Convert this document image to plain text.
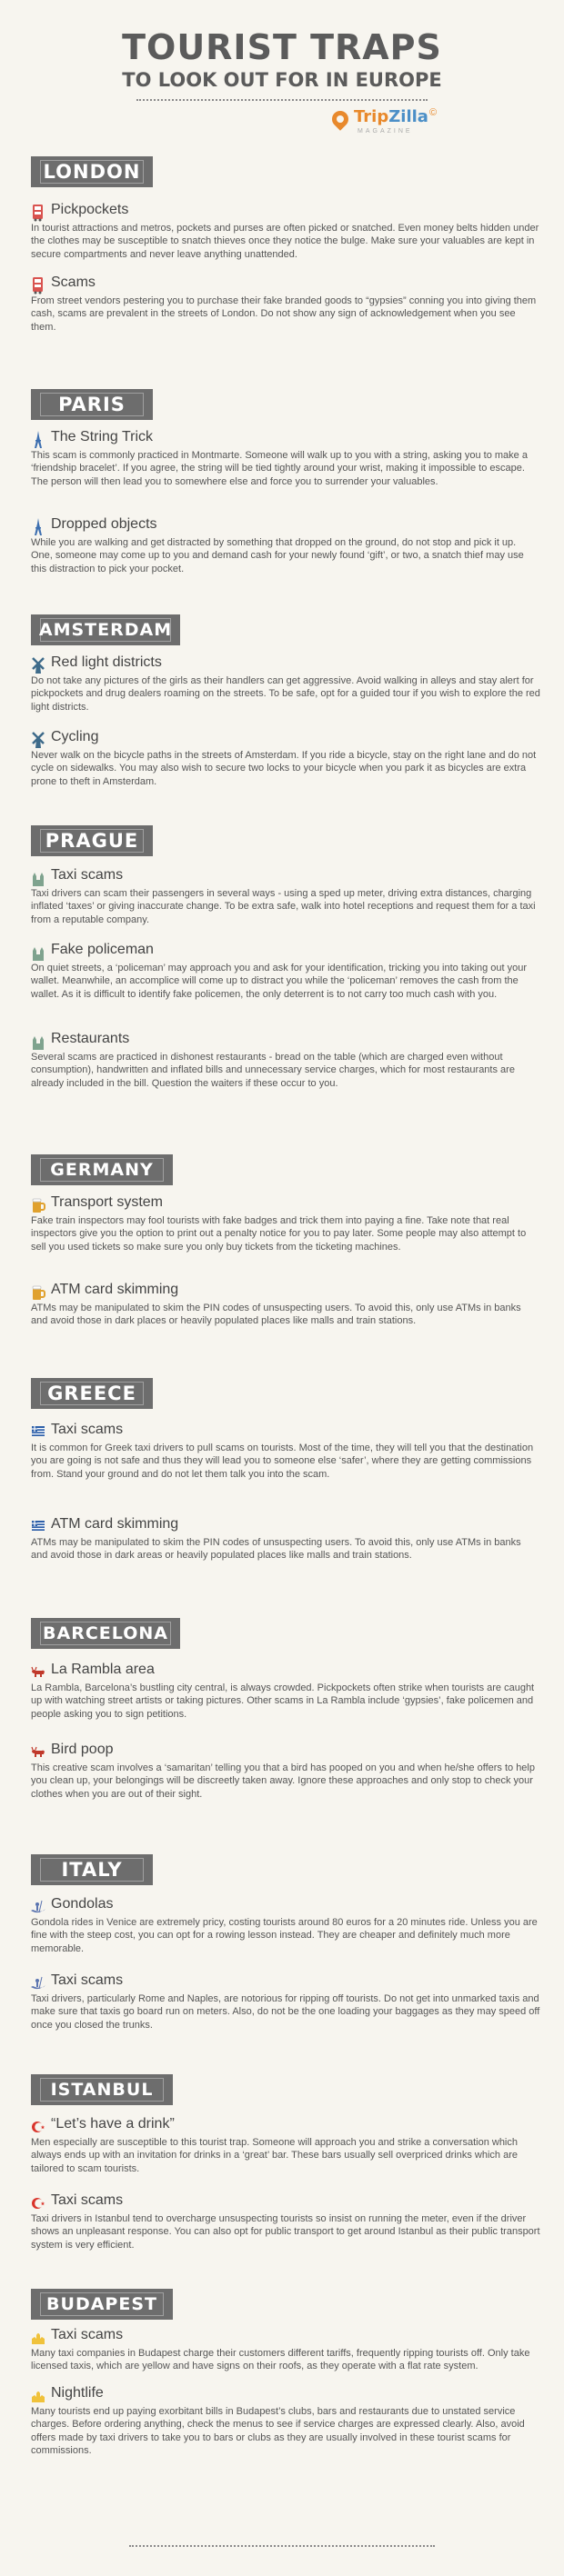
TOURIST TRAPS
TO LOOK OUT FOR IN EUROPE
TripZilla ©
MAGAZINE
LONDON
Pickpockets
In tourist attractions and metros, pockets and purses are often picked or snatched. Even money belts hidden under the clothes may be susceptible to snatch thieves once they notice the bulge. Make sure your valuables are kept in secure compartments and never leave anything unattended.
Scams
From street vendors pestering you to purchase their fake branded goods to “gypsies” conning you into giving them cash, scams are prevalent in the streets of London. Do not show any sign of acknowledgement when you see them.
PARIS
The String Trick
This scam is commonly practiced in Montmarte. Someone will walk up to you with a string, asking you to make a ‘friendship bracelet’. If you agree, the string will be tied tightly around your wrist, making it impossible to escape. The person will then lead you to somewhere else and force you to surrender your valuables.
Dropped objects
While you are walking and get distracted by something that dropped on the ground, do not stop and pick it up. One, someone may come up to you and demand cash for your newly found ‘gift’, or two, a snatch thief may use this distraction to pick your pocket.
AMSTERDAM
Red light districts
Do not take any pictures of the girls as their handlers can get aggressive. Avoid walking in alleys and stay alert for pickpockets and drug dealers roaming on the streets. To be safe, opt for a guided tour if you wish to explore the red light districts.
Cycling
Never walk on the bicycle paths in the streets of Amsterdam. If you ride a bicycle, stay on the right lane and do not cycle on sidewalks. You may also wish to secure two locks to your bicycle when you park it as bicycles are extra prone to theft in Amsterdam.
PRAGUE
Taxi scams
Taxi drivers can scam their passengers in several ways - using a sped up meter, driving extra distances, charging inflated ‘taxes’ or giving inaccurate change. To be extra safe, walk into hotel receptions and request them for a taxi from a reputable company.
Fake policeman
On quiet streets, a ‘policeman’ may approach you and ask for your identification, tricking you into taking out your wallet. Meanwhile, an accomplice will come up to distract you while the ‘policeman’ removes the cash from the wallet. As it is difficult to identify fake policemen, the only deterrent is to not carry too much cash with you.
Restaurants
Several scams are practiced in dishonest restaurants - bread on the table (which are charged even without consumption), handwritten and inflated bills and unnecessary service charges, which for most restaurants are already included in the bill. Question the waiters if these occur to you.
GERMANY
Transport system
Fake train inspectors may fool tourists with fake badges and trick them into paying a fine. Take note that real inspectors give you the option to print out a penalty notice for you to pay later. Some people may also attempt to sell you used tickets so make sure you only buy tickets from the ticketing machines.
ATM card skimming
ATMs may be manipulated to skim the PIN codes of unsuspecting users. To avoid this, only use ATMs in banks and avoid those in dark places or heavily populated places like malls and train stations.
GREECE
Taxi scams
It is common for Greek taxi drivers to pull scams on tourists. Most of the time, they will tell you that the destination you are going is not safe and thus they will lead you to someone else ‘safer’, where they are getting commissions from. Stand your ground and do not let them talk you into the scam.
ATM card skimming
ATMs may be manipulated to skim the PIN codes of unsuspecting users. To avoid this, only use ATMs in banks and avoid those in dark areas or heavily populated places like malls and train stations.
BARCELONA
La Rambla area
La Rambla, Barcelona’s bustling city central, is always crowded. Pickpockets often strike when tourists are caught up with watching street artists or taking pictures. Other scams in La Rambla include ‘gypsies’, fake policemen and people asking you to sign petitions.
Bird poop
This creative scam involves a ‘samaritan’ telling you that a bird has pooped on you and when he/she offers to help you clean up, your belongings will be discreetly taken away. Ignore these approaches and only stop to check your clothes when you are out of their sight.
ITALY
Gondolas
Gondola rides in Venice are extremely pricy, costing tourists around 80 euros for a 20 minutes ride. Unless you are fine with the steep cost, you can opt for a rowing lesson instead. They are cheaper and definitely much more memorable.
Taxi scams
Taxi drivers, particularly Rome and Naples, are notorious for ripping off tourists. Do not get into unmarked taxis and make sure that taxis go board run on meters. Also, do not be the one loading your baggages as they may speed off once you closed the trunks.
ISTANBUL
“Let’s have a drink”
Men especially are susceptible to this tourist trap. Someone will approach you and strike a conversation which always ends up with an invitation for drinks in a ‘great’ bar. These bars usually sell overpriced drinks which are tailored to scam tourists.
Taxi scams
Taxi drivers in Istanbul tend to overcharge unsuspecting tourists so insist on running the meter, even if the driver shows an unpleasant response. You can also opt for public transport to get around Istanbul as their public transport system is very efficient.
BUDAPEST
Taxi scams
Many taxi companies in Budapest charge their customers different tariffs, frequently ripping tourists off. Only take licensed taxis, which are yellow and have signs on their roofs, as they operate with a flat rate system.
Nightlife
Many tourists end up paying exorbitant bills in Budapest’s clubs, bars and restaurants due to unstated service charges. Before ordering anything, check the menus to see if service charges are expressed clearly. Also, avoid offers made by taxi drivers to take you to bars or clubs as they are usually involved in these tourist scams for commissions.
